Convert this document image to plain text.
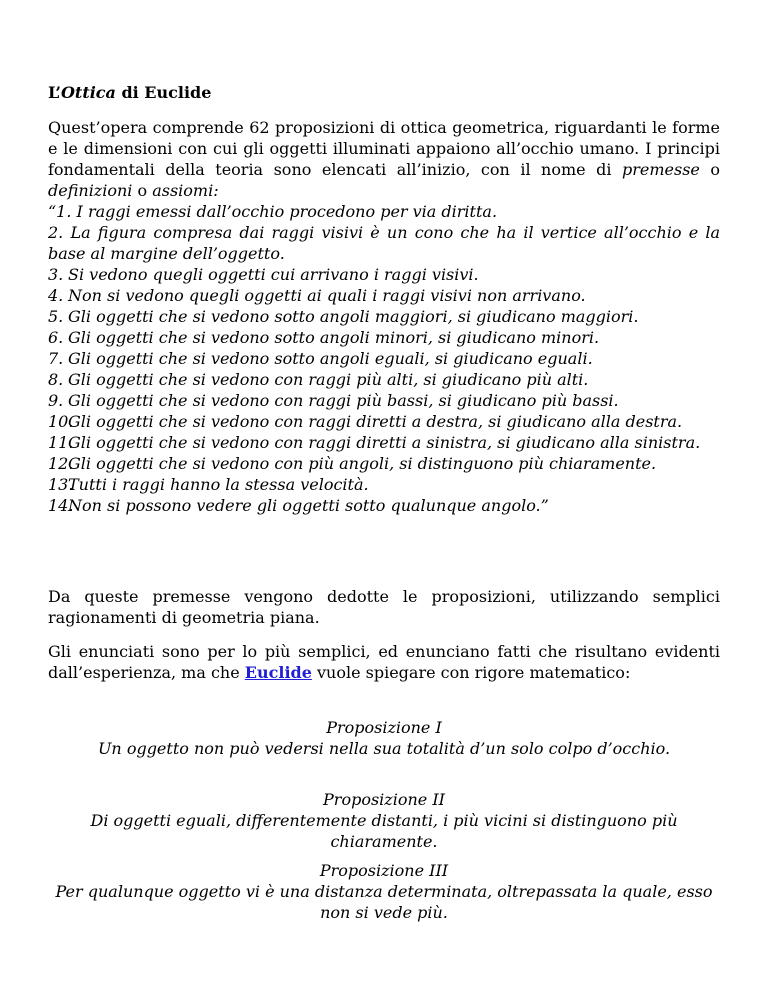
L’Ottica di Euclide
Quest’opera comprende 62 proposizioni di ottica geometrica, riguardanti le forme e le dimensioni con cui gli oggetti illuminati appaiono all’occhio umano. I principi fondamentali della teoria sono elencati all’inizio, con il nome di premesse o definizioni o assiomi:
“1. I raggi emessi dall’occhio procedono per via diritta.
2. La figura compresa dai raggi visivi è un cono che ha il vertice all’occhio e la base al margine dell’oggetto.
3. Si vedono quegli oggetti cui arrivano i raggi visivi.
4. Non si vedono quegli oggetti ai quali i raggi visivi non arrivano.
5. Gli oggetti che si vedono sotto angoli maggiori, si giudicano maggiori.
6. Gli oggetti che si vedono sotto angoli minori, si giudicano minori.
7. Gli oggetti che si vedono sotto angoli eguali, si giudicano eguali.
8. Gli oggetti che si vedono con raggi più alti, si giudicano più alti.
9. Gli oggetti che si vedono con raggi più bassi, si giudicano più bassi.
10.
Gli oggetti che si vedono con raggi diretti a destra, si giudicano alla destra.
11.
Gli oggetti che si vedono con raggi diretti a sinistra, si giudicano alla sinistra.
12.
Gli oggetti che si vedono con più angoli, si distinguono più chiaramente.
13.
Tutti i raggi hanno la stessa velocità.
14.
Non si possono vedere gli oggetti sotto qualunque angolo.”
Da queste premesse vengono dedotte le proposizioni, utilizzando semplici ragionamenti di geometria piana.
Gli enunciati sono per lo più semplici, ed enunciano fatti che risultano evidenti dall’esperienza, ma che Euclide vuole spiegare con rigore matematico:
Proposizione I
Un oggetto non può vedersi nella sua totalità d’un solo colpo d’occhio.
Proposizione II
Di oggetti eguali, differentemente distanti, i più vicini si distinguono più chiaramente.
Proposizione III
Per qualunque oggetto vi è una distanza determinata, oltrepassata la quale, esso non si vede più.
